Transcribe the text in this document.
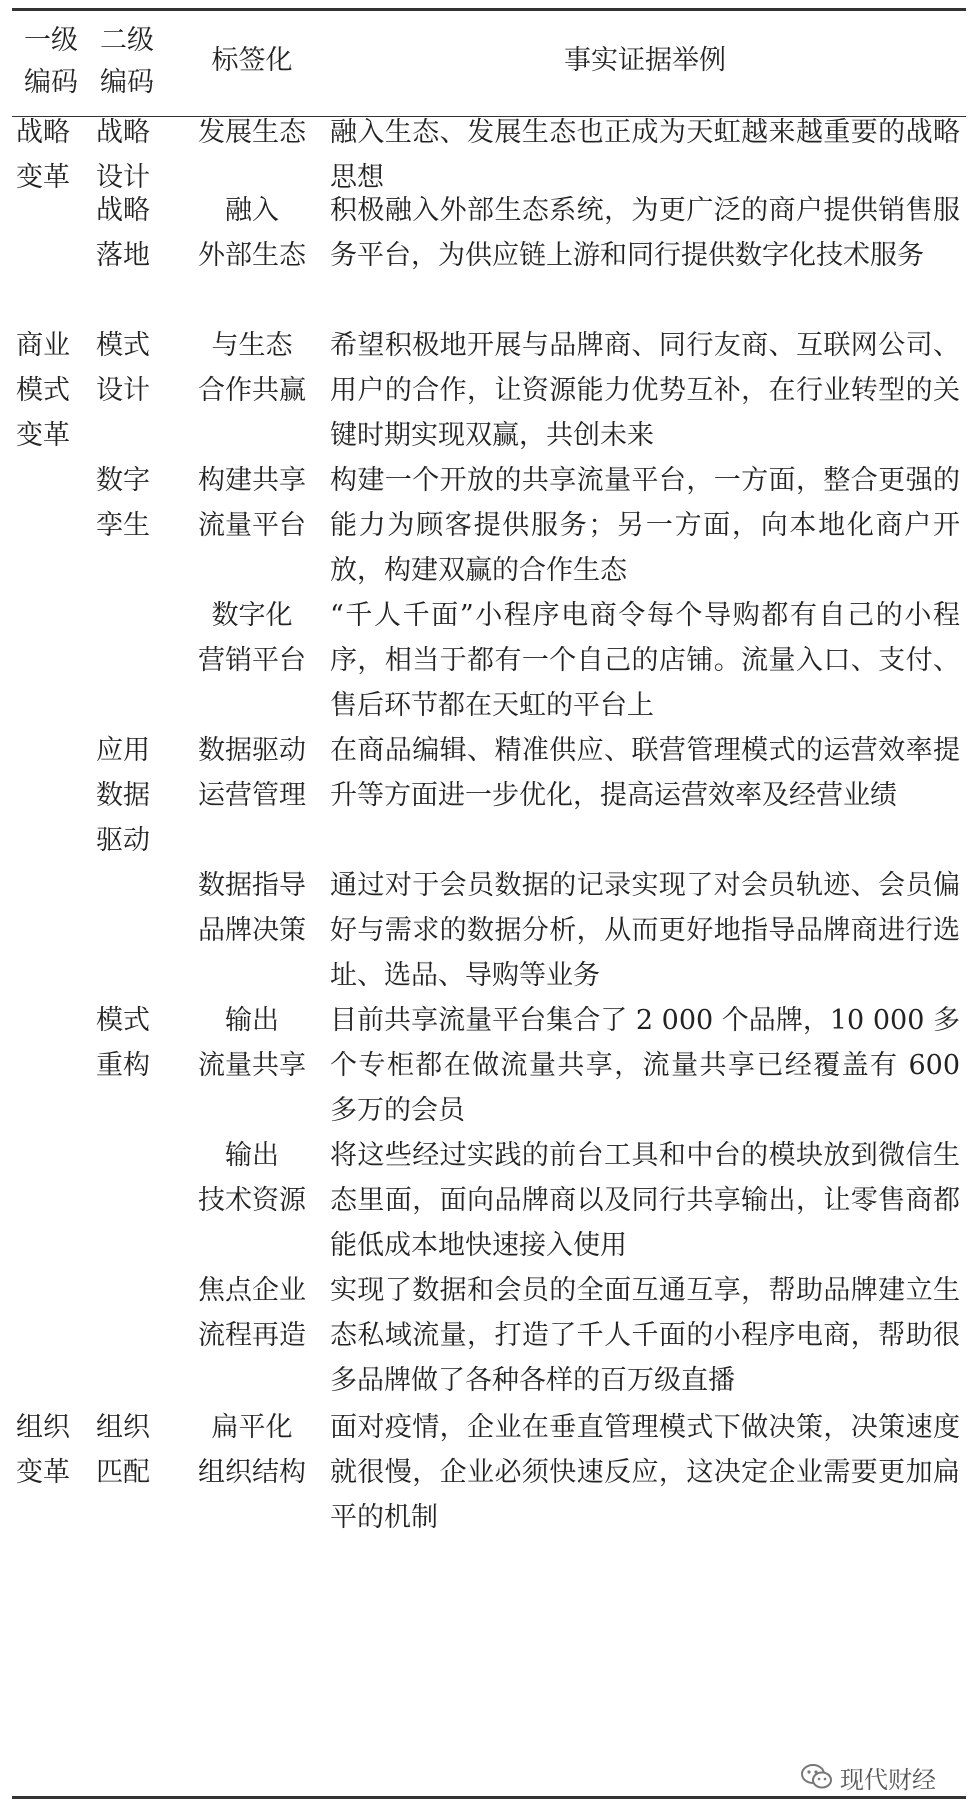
一级
编码
二级
编码
标签化	事实证据举例
战略
变革
战略
设计
发展生态 融入生态、发展生态也正成为天虹越来越重要的战略思想
战略
落地
融入
外部生态
积极融入外部生态系统，为更广泛的商户提供销售服务平台，为供应链上游和同行提供数字化技术服务
商业
模式
变革
模式
设计
与生态
合作共赢
希望积极地开展与品牌商、同行友商、互联网公司、用户的合作，让资源能力优势互补，在行业转型的关键时期实现双赢，共创未来
数字
孪生
构建共享
流量平台
构建一个开放的共享流量平台，一方面，整合更强的能力为顾客提供服务；另一方面，向本地化商户开放，构建双赢的合作生态
数字化
营销平台
“千人千面”小程序电商令每个导购都有自己的小程序，相当于都有一个自己的店铺。流量入口、支付、售后环节都在天虹的平台上
应用
数据
驱动
数据驱动
运营管理
在商品编辑、精准供应、联营管理模式的运营效率提升等方面进一步优化，提高运营效率及经营业绩
数据指导
品牌决策
通过对于会员数据的记录实现了对会员轨迹、会员偏好与需求的数据分析，从而更好地指导品牌商进行选址、选品、导购等业务
模式
重构
输出
流量共享
目前共享流量平台集合了 2 000 个品牌，10 000 多个专柜都在做流量共享，流量共享已经覆盖有 600 多万的会员
输出
技术资源
将这些经过实践的前台工具和中台的模块放到微信生态里面，面向品牌商以及同行共享输出，让零售商都能低成本地快速接入使用
焦点企业
流程再造
实现了数据和会员的全面互通互享，帮助品牌建立生态私域流量，打造了千人千面的小程序电商，帮助很多品牌做了各种各样的百万级直播
组织
变革
组织
匹配
扁平化
组织结构
面对疫情，企业在垂直管理模式下做决策，决策速度就很慢，企业必须快速反应，这决定企业需要更加扁平的机制
现代财经
